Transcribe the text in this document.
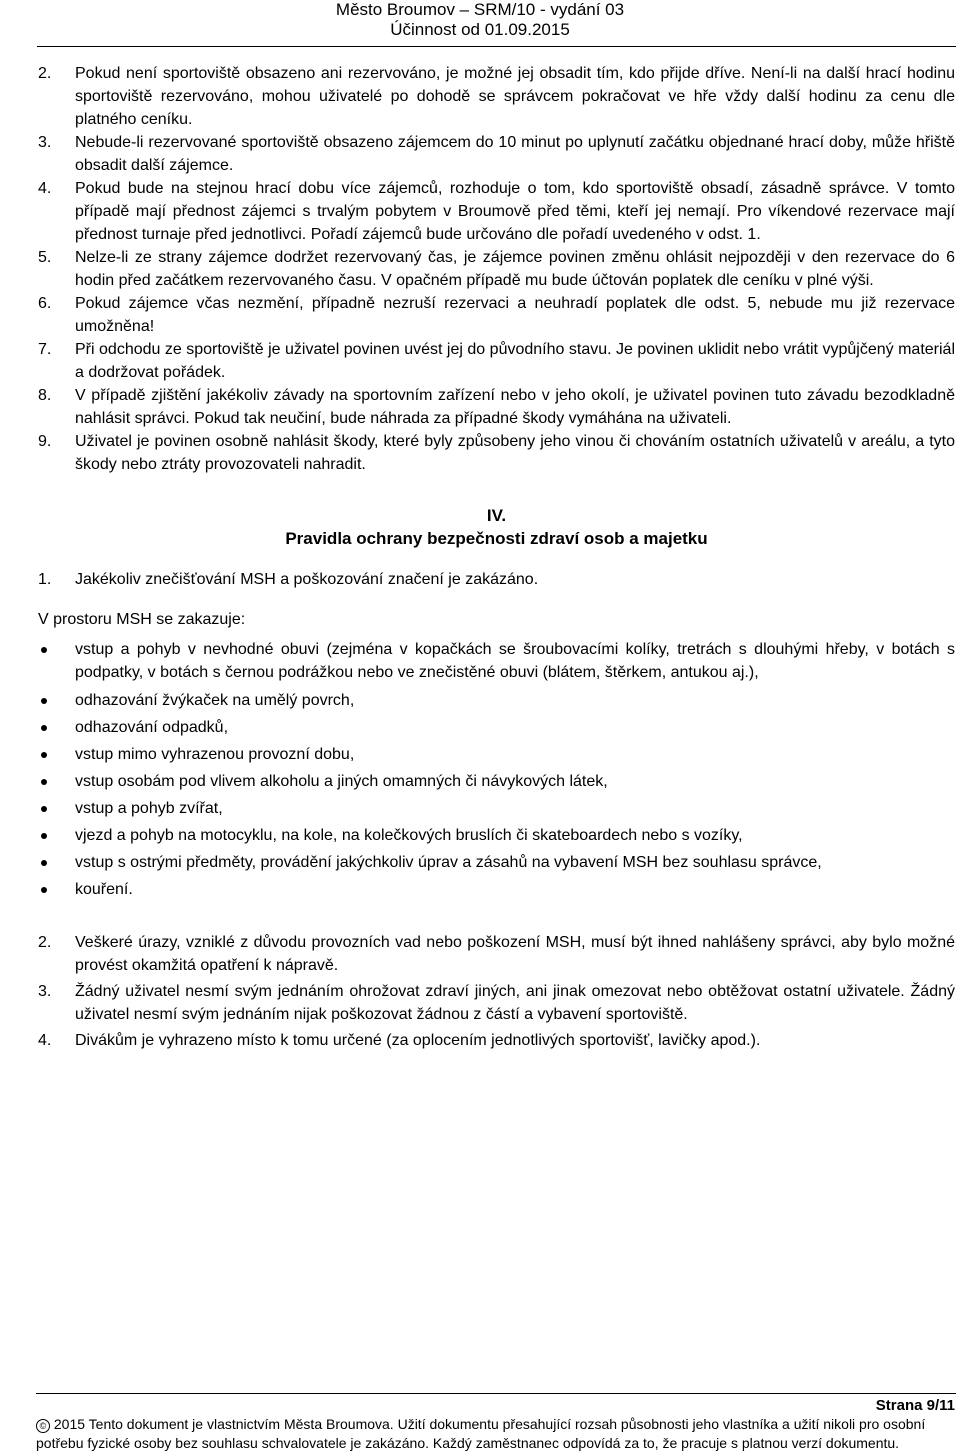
Město Broumov – SRM/10 - vydání 03
Účinnost od 01.09.2015
2. Pokud není sportoviště obsazeno ani rezervováno, je možné jej obsadit tím, kdo přijde dříve. Není-li na další hrací hodinu sportoviště rezervováno, mohou uživatelé po dohodě se správcem pokračovat ve hře vždy další hodinu za cenu dle platného ceníku.
3. Nebude-li rezervované sportoviště obsazeno zájemcem do 10 minut po uplynutí začátku objednané hrací doby, může hřiště obsadit další zájemce.
4. Pokud bude na stejnou hrací dobu více zájemců, rozhoduje o tom, kdo sportoviště obsadí, zásadně správce. V tomto případě mají přednost zájemci s trvalým pobytem v Broumově před těmi, kteří jej nemají. Pro víkendové rezervace mají přednost turnaje před jednotlivci. Pořadí zájemců bude určováno dle pořadí uvedeného v odst. 1.
5. Nelze-li ze strany zájemce dodržet rezervovaný čas, je zájemce povinen změnu ohlásit nejpozději v den rezervace do 6 hodin před začátkem rezervovaného času. V opačném případě mu bude účtován poplatek dle ceníku v plné výši.
6. Pokud zájemce včas nezmění, případně nezruší rezervaci a neuhradí poplatek dle odst. 5, nebude mu již rezervace umožněna!
7. Při odchodu ze sportoviště je uživatel povinen uvést jej do původního stavu. Je povinen uklidit nebo vrátit vypůjčený materiál a dodržovat pořádek.
8. V případě zjištění jakékoliv závady na sportovním zařízení nebo v jeho okolí, je uživatel povinen tuto závadu bezodkladně nahlásit správci. Pokud tak neučiní, bude náhrada za případné škody vymáhána na uživateli.
9. Uživatel je povinen osobně nahlásit škody, které byly způsobeny jeho vinou či chováním ostatních uživatelů v areálu, a tyto škody nebo ztráty provozovateli nahradit.
IV.
Pravidla ochrany bezpečnosti zdraví osob a majetku
1. Jakékoliv znečišťování MSH a poškozování značení je zakázáno.
V prostoru MSH se zakazuje:
vstup a pohyb v nevhodné obuvi (zejména v kopačkách se šroubovacími kolíky, tretrách s dlouhými hřeby, v botách s podpatky, v botách s černou podrážkou nebo ve znečistěné obuvi (blátem, štěrkem, antukou aj.),
odhazování žvýkaček na umělý povrch,
odhazování odpadků,
vstup mimo vyhrazenou provozní dobu,
vstup osobám pod vlivem alkoholu a jiných omamných či návykových látek,
vstup a pohyb zvířat,
vjezd a pohyb na motocyklu, na kole, na kolečkových bruslích či skateboardech nebo s vozíky,
vstup s ostrými předměty, provádění jakýchkoliv úprav a zásahů na vybavení MSH bez souhlasu správce,
kouření.
2. Veškeré úrazy, vzniklé z důvodu provozních vad nebo poškození MSH, musí být ihned nahlášeny správci, aby bylo možné provést okamžitá opatření k nápravě.
3. Žádný uživatel nesmí svým jednáním ohrožovat zdraví jiných, ani jinak omezovat nebo obtěžovat ostatní uživatele. Žádný uživatel nesmí svým jednáním nijak poškozovat žádnou z částí a vybavení sportoviště.
4. Divákům je vyhrazeno místo k tomu určené (za oplocením jednotlivých sportovišť, lavičky apod.).
Strana 9/11
© 2015 Tento dokument je vlastnictvím Města Broumova. Užití dokumentu přesahující rozsah působnosti jeho vlastníka a užití nikoli pro osobní potřebu fyzické osoby bez souhlasu schvalovatele je zakázáno. Každý zaměstnanec odpovídá za to, že pracuje s platnou verzí dokumentu.
